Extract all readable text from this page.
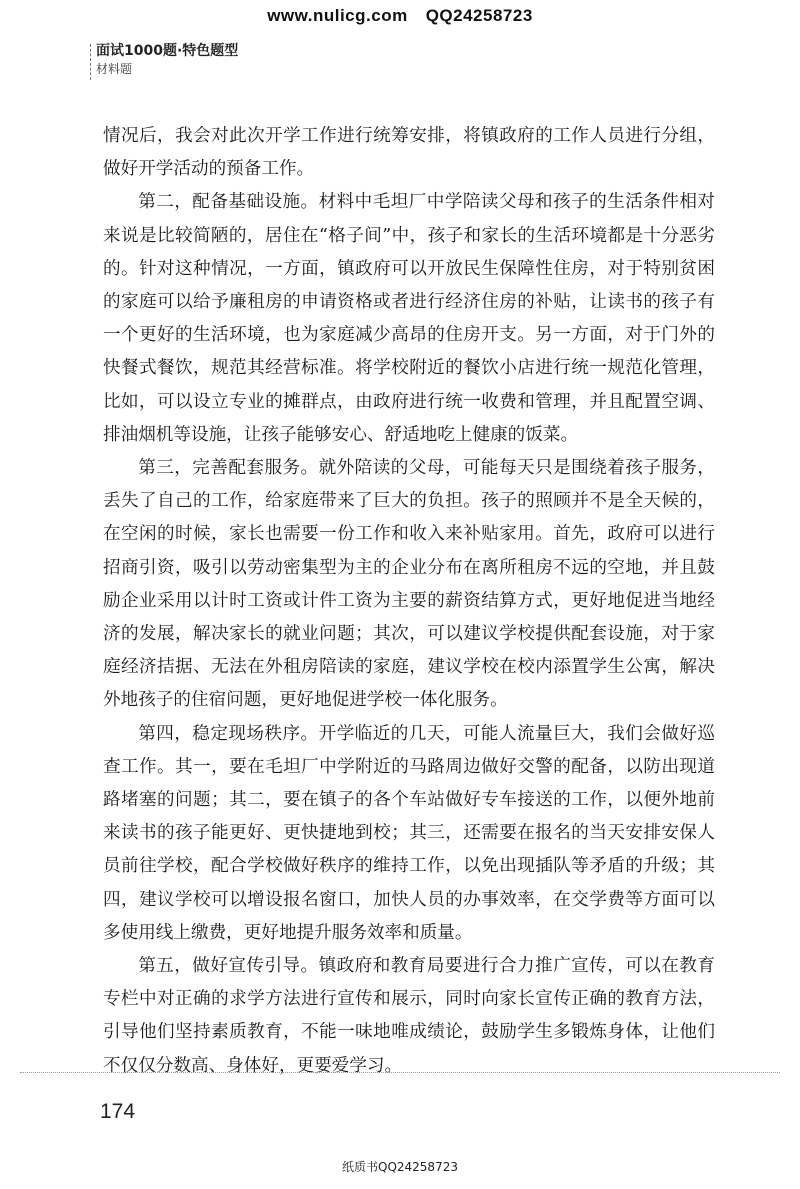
www.nulicg.com QQ24258723
面试1000题·特色题型
材料题

情况后，我会对此次开学工作进行统筹安排，将镇政府的工作人员进行分组，做好开学活动的预备工作。

第二，配备基础设施。材料中毛坦厂中学陪读父母和孩子的生活条件相对来说是比较简陋的，居住在“格子间”中，孩子和家长的生活环境都是十分恶劣的。针对这种情况，一方面，镇政府可以开放民生保障性住房，对于特别贫困的家庭可以给予廉租房的申请资格或者进行经济住房的补贴，让读书的孩子有一个更好的生活环境，也为家庭减少高昂的住房开支。另一方面，对于门外的快餐式餐饮，规范其经营标准。将学校附近的餐饮小店进行统一规范化管理，比如，可以设立专业的摊群点，由政府进行统一收费和管理，并且配置空调、排油烟机等设施，让孩子能够安心、舒适地吃上健康的饭菜。

第三，完善配套服务。就外陪读的父母，可能每天只是围绕着孩子服务，丢失了自己的工作，给家庭带来了巨大的负担。孩子的照顾并不是全天候的，在空闲的时候，家长也需要一份工作和收入来补贴家用。首先，政府可以进行招商引资，吸引以劳动密集型为主的企业分布在离所租房不远的空地，并且鼓励企业采用以计时工资或计件工资为主要的薪资结算方式，更好地促进当地经济的发展，解决家长的就业问题；其次，可以建议学校提供配套设施，对于家庭经济拮据、无法在外租房陪读的家庭，建议学校在校内添置学生公寓，解决外地孩子的住宿问题，更好地促进学校一体化服务。

第四，稳定现场秩序。开学临近的几天，可能人流量巨大，我们会做好巡查工作。其一，要在毛坦厂中学附近的马路周边做好交警的配备，以防出现道路堵塞的问题；其二，要在镇子的各个车站做好专车接送的工作，以便外地前来读书的孩子能更好、更快捷地到校；其三，还需要在报名的当天安排安保人员前往学校，配合学校做好秩序的维持工作，以免出现插队等矛盾的升级；其四，建议学校可以增设报名窗口，加快人员的办事效率，在交学费等方面可以多使用线上缴费，更好地提升服务效率和质量。

第五，做好宣传引导。镇政府和教育局要进行合力推广宣传，可以在教育专栏中对正确的求学方法进行宣传和展示，同时向家长宣传正确的教育方法，引导他们坚持素质教育，不能一味地唯成绩论，鼓励学生多锻炼身体，让他们不仅仅分数高、身体好，更要爱学习。

174
纸质书QQ24258723
